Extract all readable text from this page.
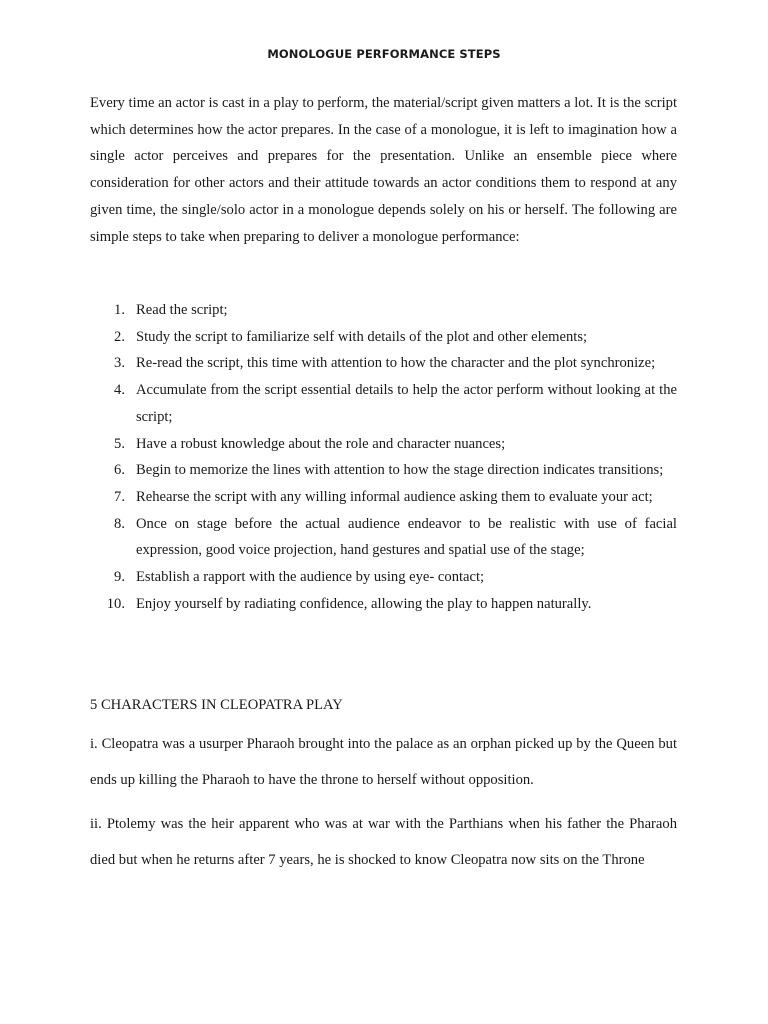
MONOLOGUE PERFORMANCE STEPS

Every time an actor is cast in a play to perform, the material/script given matters a lot. It is the script which determines how the actor prepares. In the case of a monologue, it is left to imagination how a single actor perceives and prepares for the presentation. Unlike an ensemble piece where consideration for other actors and their attitude towards an actor conditions them to respond at any given time, the single/solo actor in a monologue depends solely on his or herself. The following are simple steps to take when preparing to deliver a monologue performance:

1. Read the script;
2. Study the script to familiarize self with details of the plot and other elements;
3. Re-read the script, this time with attention to how the character and the plot synchronize;
4. Accumulate from the script essential details to help the actor perform without looking at the script;
5. Have a robust knowledge about the role and character nuances;
6. Begin to memorize the lines with attention to how the stage direction indicates transitions;
7. Rehearse the script with any willing informal audience asking them to evaluate your act;
8. Once on stage before the actual audience endeavor to be realistic with use of facial expression, good voice projection, hand gestures and spatial use of the stage;
9. Establish a rapport with the audience by using eye- contact;
10. Enjoy yourself by radiating confidence, allowing the play to happen naturally.
5 CHARACTERS IN CLEOPATRA PLAY

i. Cleopatra was a usurper Pharaoh brought into the palace as an orphan picked up by the Queen but ends up killing the Pharaoh to have the throne to herself without opposition.

ii. Ptolemy was the heir apparent who was at war with the Parthians when his father the Pharaoh died but when he returns after 7 years, he is shocked to know Cleopatra now sits on the Throne
